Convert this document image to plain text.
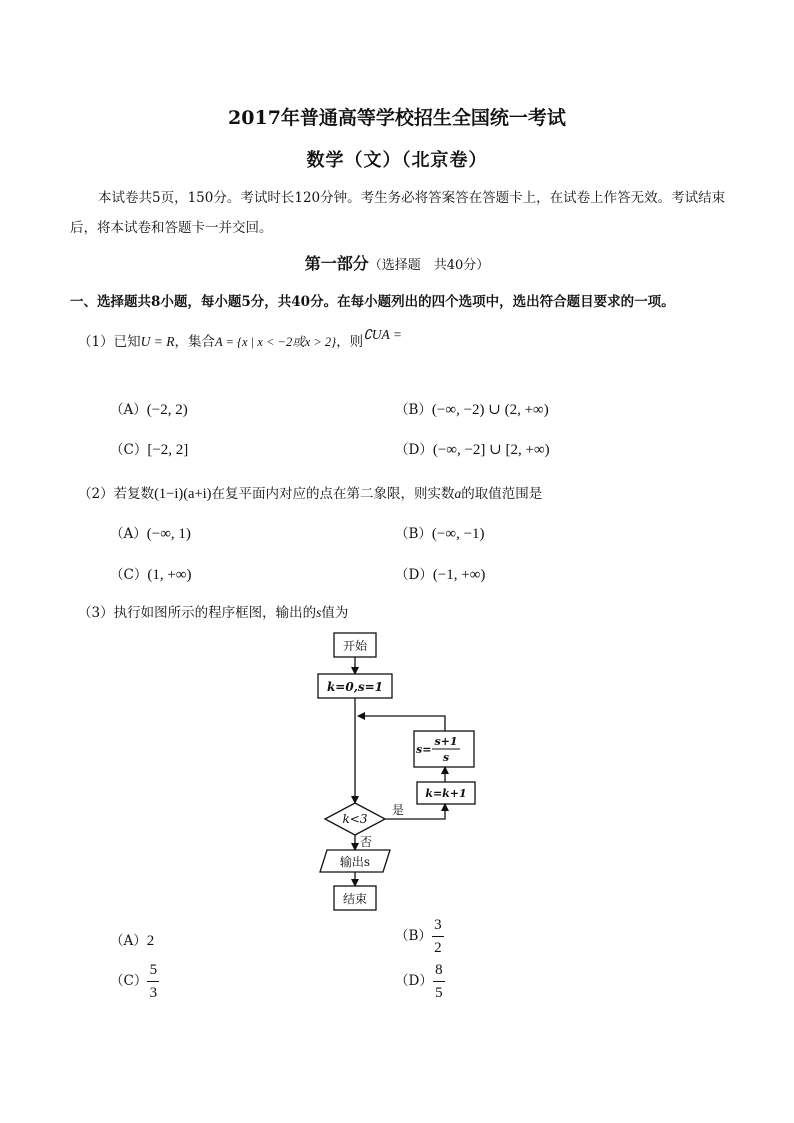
2017年普通高等学校招生全国统一考试
数学（文）（北京卷）
本试卷共5页，150分。考试时长120分钟。考生务必将答案答在答题卡上，在试卷上作答无效。考试结束后，将本试卷和答题卡一并交回。
第一部分（选择题　共40分）
一、选择题共8小题，每小题5分，共40分。在每小题列出的四个选项中，选出符合题目要求的一项。
（1）已知U = R，集合A = {x | x < −2或x > 2}，则∁UA =
（A）(−2, 2)	（B）(−∞, −2) ∪ (2, +∞)
（C）[−2, 2]	（D）(−∞, −2] ∪ [2, +∞)
（2）若复数(1−i)(a+i)在复平面内对应的点在第二象限，则实数a的取值范围是
（A）(−∞, 1)	（B）(−∞, −1)
（C）(1, +∞)	（D）(−1, +∞)
（3）执行如图所示的程序框图，输出的s值为
开始
k=0,s=1
s=
s+1
s
k=k+1
k<3
是
否
输出s
结束
（A）2	$(B) \frac{3}{2}$
$(C) \frac{5}{3}$	$(D) \frac{8}{5}$
